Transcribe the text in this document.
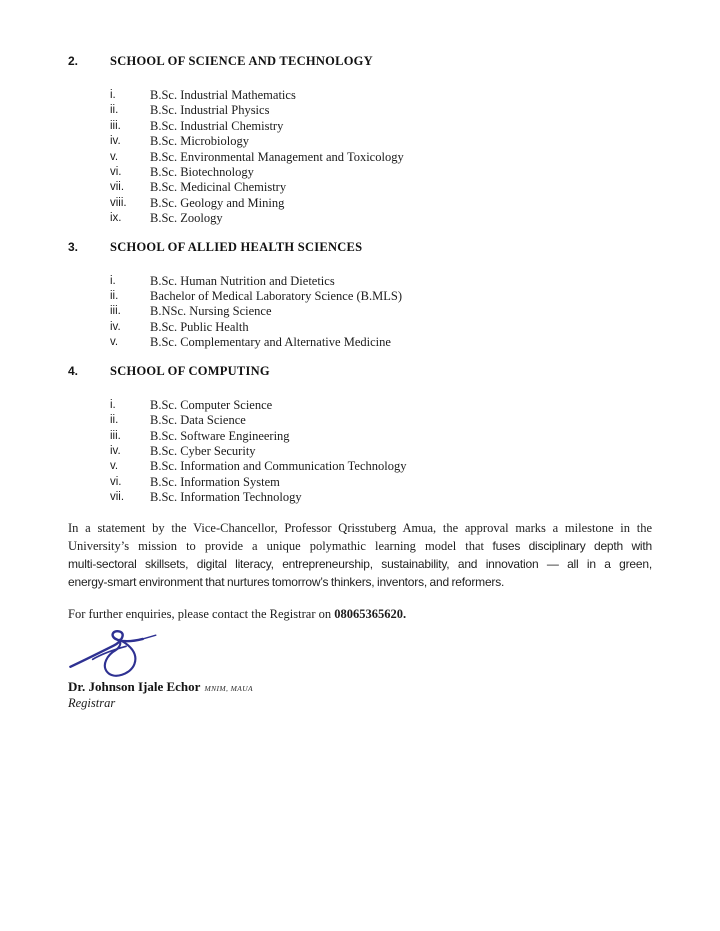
2.	SCHOOL OF SCIENCE AND TECHNOLOGY
i.	B.Sc. Industrial Mathematics
ii.	B.Sc. Industrial Physics
iii.	B.Sc. Industrial Chemistry
iv.	B.Sc. Microbiology
v.	B.Sc. Environmental Management and Toxicology
vi.	B.Sc. Biotechnology
vii.	B.Sc. Medicinal Chemistry
viii.	B.Sc. Geology and Mining
ix.	B.Sc. Zoology
3.	SCHOOL OF ALLIED HEALTH SCIENCES
i.	B.Sc. Human Nutrition and Dietetics
ii.	Bachelor of Medical Laboratory Science (B.MLS)
iii.	B.NSc. Nursing Science
iv.	B.Sc. Public Health
v.	B.Sc. Complementary and Alternative Medicine
4.	SCHOOL OF COMPUTING
i.	B.Sc. Computer Science
ii.	B.Sc. Data Science
iii.	B.Sc. Software Engineering
iv.	B.Sc. Cyber Security
v.	B.Sc. Information and Communication Technology
vi.	B.Sc. Information System
vii.	B.Sc. Information Technology
In a statement by the Vice-Chancellor, Professor Qrisstuberg Amua, the approval marks a milestone in the
University’s mission to provide a unique polymathic learning model that fuses disciplinary depth with
multi-sectoral skillsets, digital literacy, entrepreneurship, sustainability, and innovation — all in a green,
energy-smart environment that nurtures tomorrow’s thinkers, inventors, and reformers.
For further enquiries, please contact the Registrar on 08065365620.
Dr. Johnson Ijale Echor MNIM, MAUA
Registrar
